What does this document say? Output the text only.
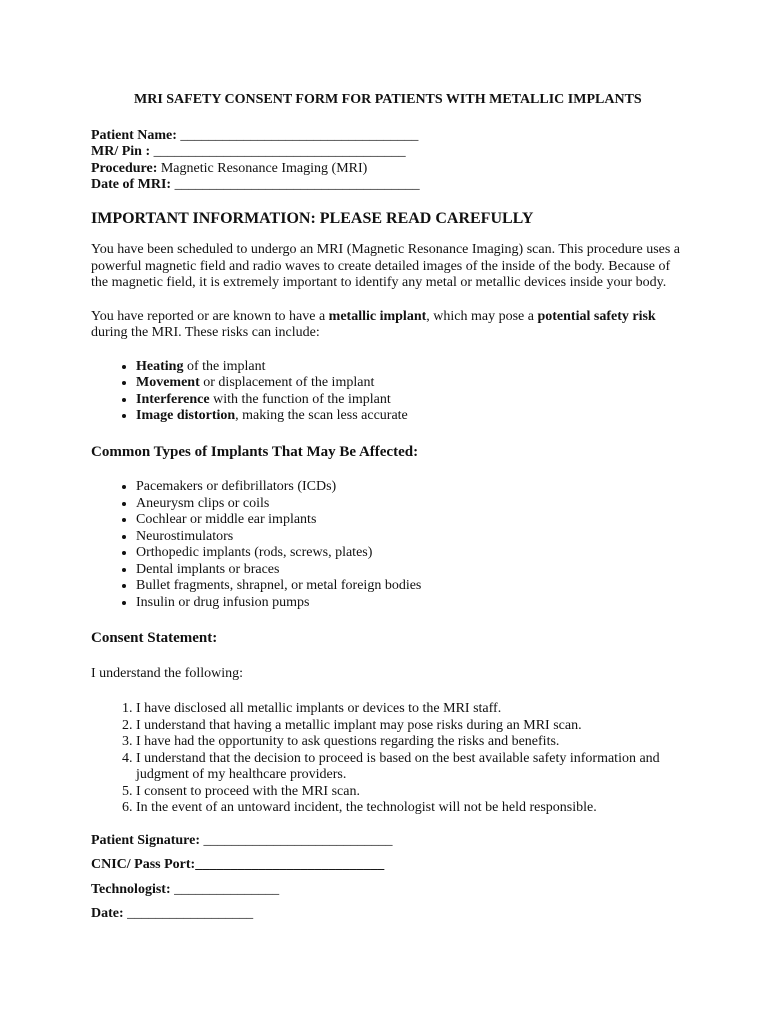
MRI SAFETY CONSENT FORM FOR PATIENTS WITH METALLIC IMPLANTS
Patient Name: __________________________________
MR/ Pin : ____________________________________
Procedure: Magnetic Resonance Imaging (MRI)
Date of MRI: ___________________________________
IMPORTANT INFORMATION: PLEASE READ CAREFULLY

You have been scheduled to undergo an MRI (Magnetic Resonance Imaging) scan. This procedure uses a powerful magnetic field and radio waves to create detailed images of the inside of the body. Because of the magnetic field, it is extremely important to identify any metal or metallic devices inside your body.

You have reported or are known to have a metallic implant, which may pose a potential safety risk during the MRI. These risks can include:

• Heating of the implant
• Movement or displacement of the implant
• Interference with the function of the implant
• Image distortion, making the scan less accurate
Common Types of Implants That May Be Affected:
• Pacemakers or defibrillators (ICDs)
• Aneurysm clips or coils
• Cochlear or middle ear implants
• Neurostimulators
• Orthopedic implants (rods, screws, plates)
• Dental implants or braces
• Bullet fragments, shrapnel, or metal foreign bodies
• Insulin or drug infusion pumps
Consent Statement:

I understand the following:

1. I have disclosed all metallic implants or devices to the MRI staff.
2. I understand that having a metallic implant may pose risks during an MRI scan.
3. I have had the opportunity to ask questions regarding the risks and benefits.
4. I understand that the decision to proceed is based on the best available safety information and judgment of my healthcare providers.
5. I consent to proceed with the MRI scan.
6. In the event of an untoward incident, the technologist will not be held responsible.
Patient Signature: ___________________________
CNIC/ Pass Port:___________________________
Technologist: _______________
Date: __________________
